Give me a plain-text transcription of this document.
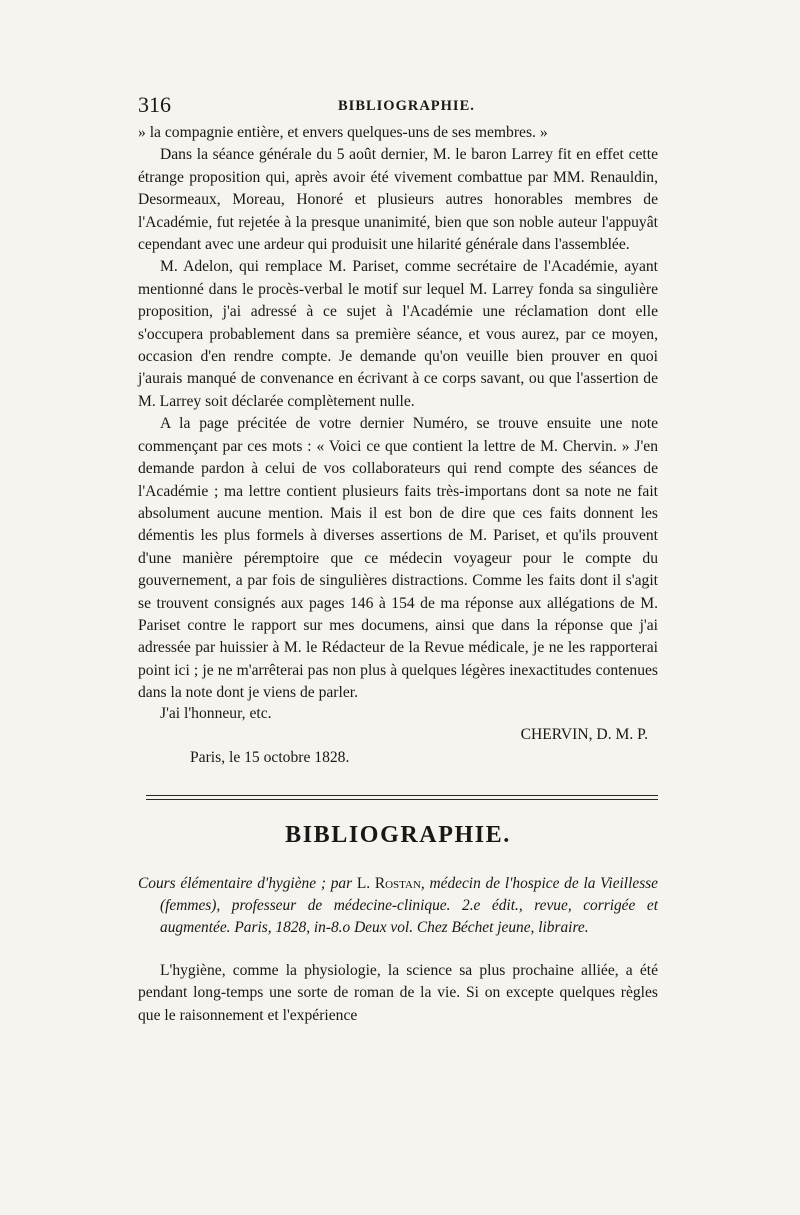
316	BIBLIOGRAPHIE.

» la compagnie entière, et envers quelques-uns de ses membres. »

Dans la séance générale du 5 août dernier, M. le baron Larrey fit en effet cette étrange proposition qui, après avoir été vivement combattue par MM. Renauldin, Desormeaux, Moreau, Honoré et plusieurs autres honorables membres de l'Académie, fut rejetée à la presque unanimité, bien que son noble auteur l'appuyât cependant avec une ardeur qui produisit une hilarité générale dans l'assemblée.

M. Adelon, qui remplace M. Pariset, comme secrétaire de l'Académie, ayant mentionné dans le procès-verbal le motif sur lequel M. Larrey fonda sa singulière proposition, j'ai adressé à ce sujet à l'Académie une réclamation dont elle s'occupera probablement dans sa première séance, et vous aurez, par ce moyen, occasion d'en rendre compte. Je demande qu'on veuille bien prouver en quoi j'aurais manqué de convenance en écrivant à ce corps savant, ou que l'assertion de M. Larrey soit déclarée complètement nulle.

A la page précitée de votre dernier Numéro, se trouve ensuite une note commençant par ces mots : « Voici ce que contient la lettre de M. Chervin. » J'en demande pardon à celui de vos collaborateurs qui rend compte des séances de l'Académie ; ma lettre contient plusieurs faits très-importans dont sa note ne fait absolument aucune mention. Mais il est bon de dire que ces faits donnent les démentis les plus formels à diverses assertions de M. Pariset, et qu'ils prouvent d'une manière péremptoire que ce médecin voyageur pour le compte du gouvernement, a par fois de singulières distractions. Comme les faits dont il s'agit se trouvent consignés aux pages 146 à 154 de ma réponse aux allégations de M. Pariset contre le rapport sur mes documens, ainsi que dans la réponse que j'ai adressée par huissier à M. le Rédacteur de la Revue médicale, je ne les rapporterai point ici ; je ne m'arrêterai pas non plus à quelques légères inexactitudes contenues dans la note dont je viens de parler.

J'ai l'honneur, etc.
CHERVIN, D. M. P.
Paris, le 15 octobre 1828.
BIBLIOGRAPHIE.
Cours élémentaire d'hygiène ; par L. Rostan, médecin de l'hospice de la Vieillesse (femmes), professeur de médecine-clinique. 2.e édit., revue, corrigée et augmentée. Paris, 1828, in-8.o Deux vol. Chez Béchet jeune, libraire.
L'hygiène, comme la physiologie, la science sa plus prochaine alliée, a été pendant long-temps une sorte de roman de la vie. Si on excepte quelques règles que le raisonnement et l'expérience
